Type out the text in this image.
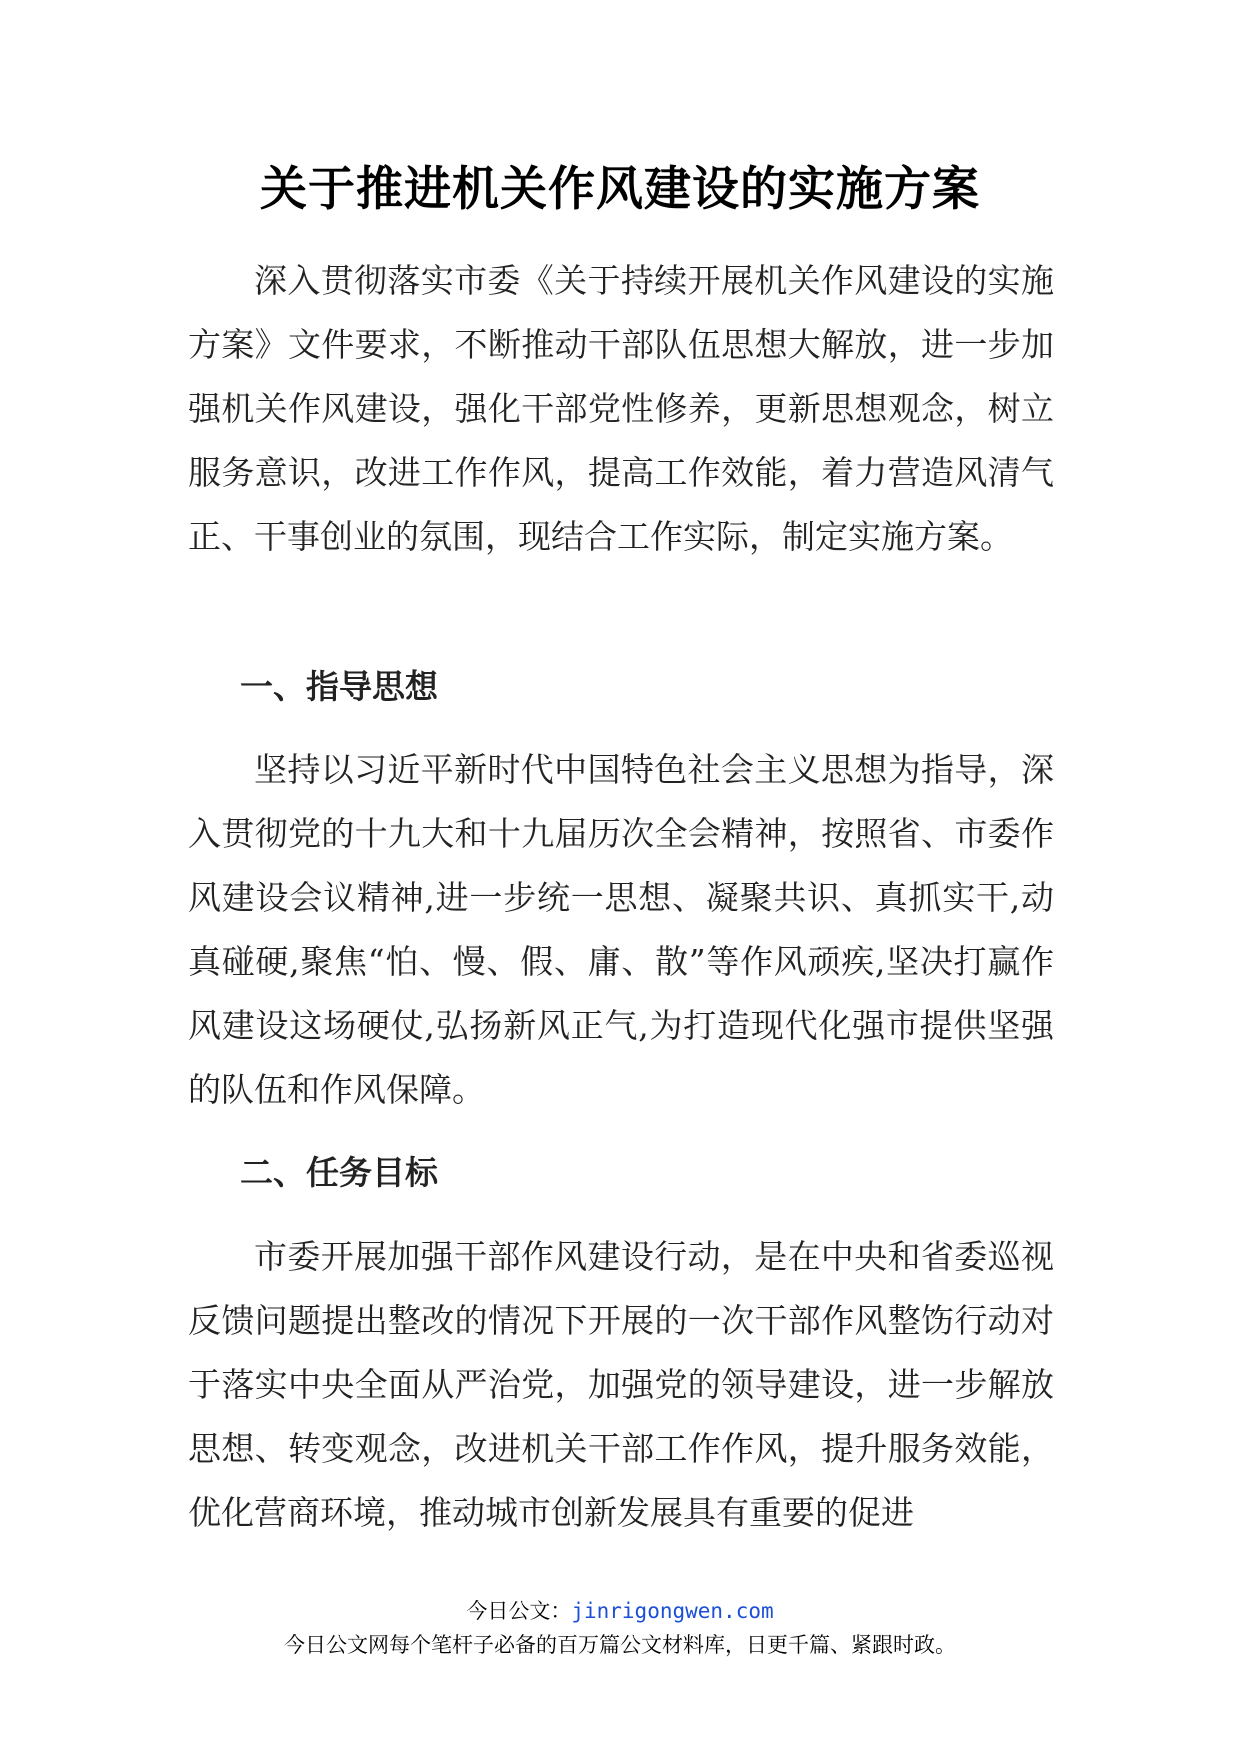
关于推进机关作风建设的实施方案

深入贯彻落实市委《关于持续开展机关作风建设的实施方案》文件要求，不断推动干部队伍思想大解放，进一步加强机关作风建设，强化干部党性修养，更新思想观念，树立服务意识，改进工作作风，提高工作效能，着力营造风清气正、干事创业的氛围，现结合工作实际，制定实施方案。

一、指导思想

坚持以习近平新时代中国特色社会主义思想为指导，深入贯彻党的十九大和十九届历次全会精神，按照省、市委作风建设会议精神,进一步统一思想、凝聚共识、真抓实干,动真碰硬,聚焦“怕、慢、假、庸、散”等作风顽疾,坚决打赢作风建设这场硬仗,弘扬新风正气,为打造现代化强市提供坚强的队伍和作风保障。

二、任务目标

市委开展加强干部作风建设行动，是在中央和省委巡视反馈问题提出整改的情况下开展的一次干部作风整饬行动对于落实中央全面从严治党，加强党的领导建设，进一步解放思想、转变观念，改进机关干部工作作风，提升服务效能，优化营商环境，推动城市创新发展具有重要的促进

今日公文：jinrigongwen.com
今日公文网每个笔杆子必备的百万篇公文材料库，日更千篇、紧跟时政。
